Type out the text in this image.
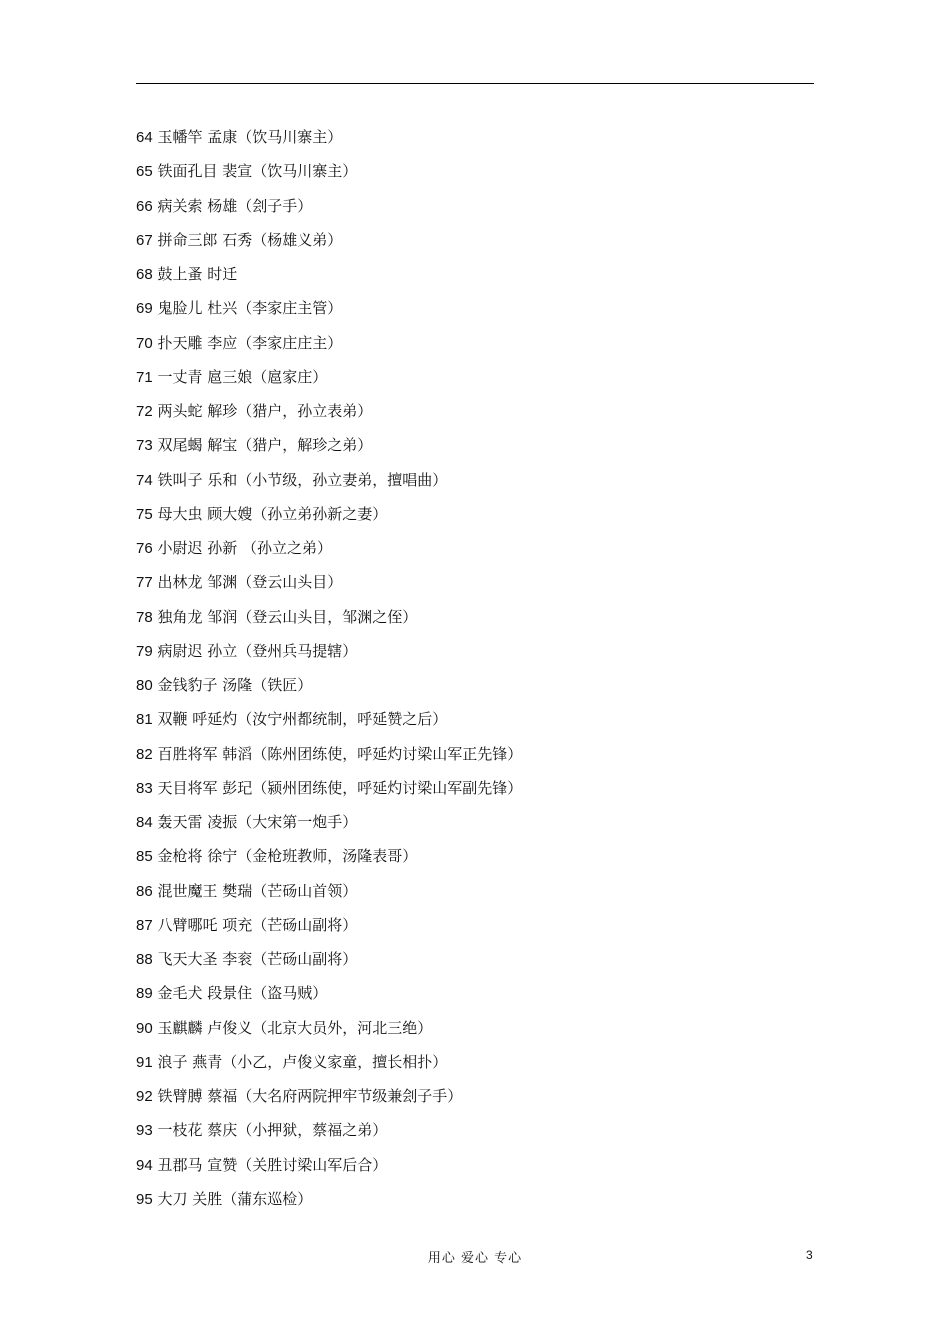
64 玉幡竿 孟康（饮马川寨主）
65 铁面孔目 裴宣（饮马川寨主）
66 病关索 杨雄（刽子手）
67 拼命三郎 石秀（杨雄义弟）
68 鼓上蚤 时迁
69 鬼脸儿 杜兴（李家庄主管）
70 扑天雕 李应（李家庄庄主）
71 一丈青 扈三娘（扈家庄）
72 两头蛇 解珍（猎户，孙立表弟）
73 双尾蝎 解宝（猎户，解珍之弟）
74 铁叫子 乐和（小节级，孙立妻弟，擅唱曲）
75 母大虫 顾大嫂（孙立弟孙新之妻）
76 小尉迟 孙新 （孙立之弟）
77 出林龙 邹渊（登云山头目）
78 独角龙 邹润（登云山头目，邹渊之侄）
79 病尉迟 孙立（登州兵马提辖）
80 金钱豹子 汤隆（铁匠）
81 双鞭 呼延灼（汝宁州都统制，呼延赞之后）
82 百胜将军 韩滔（陈州团练使，呼延灼讨梁山军正先锋）
83 天目将军 彭玘（颍州团练使，呼延灼讨梁山军副先锋）
84 轰天雷 凌振（大宋第一炮手）
85 金枪将 徐宁（金枪班教师，汤隆表哥）
86 混世魔王 樊瑞（芒砀山首领）
87 八臂哪吒 项充（芒砀山副将）
88 飞天大圣 李衮（芒砀山副将）
89 金毛犬 段景住（盗马贼）
90 玉麒麟 卢俊义（北京大员外，河北三绝）
91 浪子 燕青（小乙，卢俊义家童，擅长相扑）
92 铁臂膊 蔡福（大名府两院押牢节级兼刽子手）
93 一枝花 蔡庆（小押狱，蔡福之弟）
94 丑郡马 宣赞（关胜讨梁山军后合）
95 大刀 关胜（蒲东巡检）
用心 爱心 专心	3
